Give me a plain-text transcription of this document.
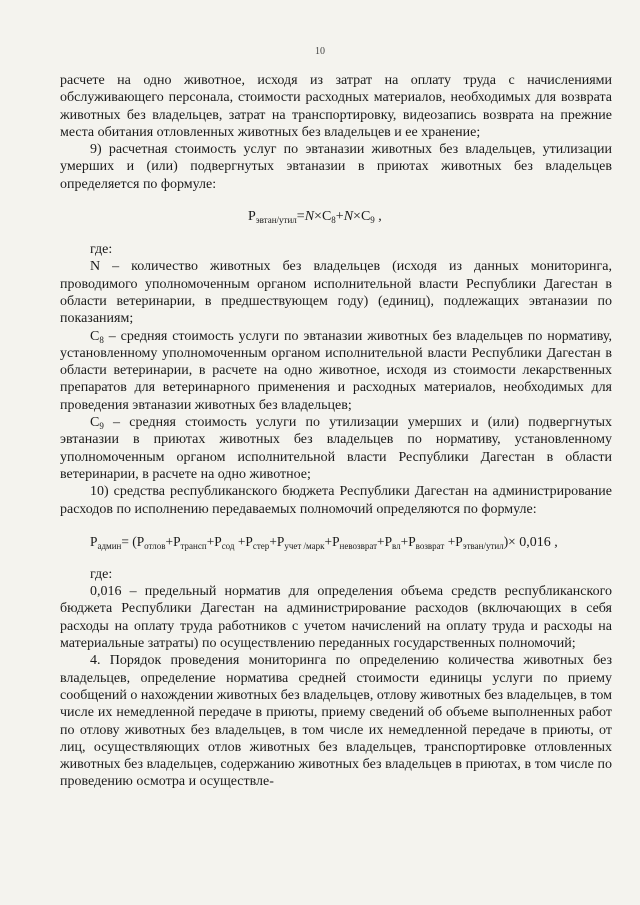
10

расчете на одно животное, исходя из затрат на оплату труда с начислениями обслуживающего персонала, стоимости расходных материалов, необходимых для возврата животных без владельцев, затрат на транспортировку, видеозапись возврата на прежние места обитания отловленных животных без владельцев и ее хранение;

9) расчетная стоимость услуг по эвтаназии животных без владельцев, утилизации умерших и (или) подвергнутых эвтаназии в приютах животных без владельцев определяется по формуле:

$P_{эвтан/утил}=N\times C_8+N\times C_9$ ,

где:

N – количество животных без владельцев (исходя из данных мониторинга, проводимого уполномоченным органом исполнительной власти Республики Дагестан в области ветеринарии, в предшествующем году) (единиц), подлежащих эвтаназии по показаниям;

$C_8$ – средняя стоимость услуги по эвтаназии животных без владельцев по нормативу, установленному уполномоченным органом исполнительной власти Республики Дагестан в области ветеринарии, в расчете на одно животное, исходя из стоимости лекарственных препаратов для ветеринарного применения и расходных материалов, необходимых для проведения эвтаназии животных без владельцев;

$C_9$ – средняя стоимость услуги по утилизации умерших и (или) подвергнутых эвтаназии в приютах животных без владельцев по нормативу, установленному уполномоченным органом исполнительной власти Республики Дагестан в области ветеринарии, в расчете на одно животное;

10) средства республиканского бюджета Республики Дагестан на администрирование расходов по исполнению передаваемых полномочий определяются по формуле:

$P_{админ}= (P_{отлов}+P_{трансп}+P_{сод} +P_{стер}+P_{учет /марк}+P_{невозврат}+P_{вл}+P_{возврат} +P_{этван/утил})\times 0,016$ ,

где:

0,016 – предельный норматив для определения объема средств республиканского бюджета Республики Дагестан на администрирование расходов (включающих в себя расходы на оплату труда работников с учетом начислений на оплату труда и расходы на материальные затраты) по осуществлению переданных государственных полномочий;

4. Порядок проведения мониторинга по определению количества животных без владельцев, определение норматива средней стоимости единицы услуги по приему сообщений о нахождении животных без владельцев, отлову животных без владельцев, в том числе их немедленной передаче в приюты, приему сведений об объеме выполненных работ по отлову животных без владельцев, в том числе их немедленной передаче в приюты, от лиц, осуществляющих отлов животных без владельцев, транспортировке отловленных животных без владельцев, содержанию животных без владельцев в приютах, в том числе по проведению осмотра и осуществле-
